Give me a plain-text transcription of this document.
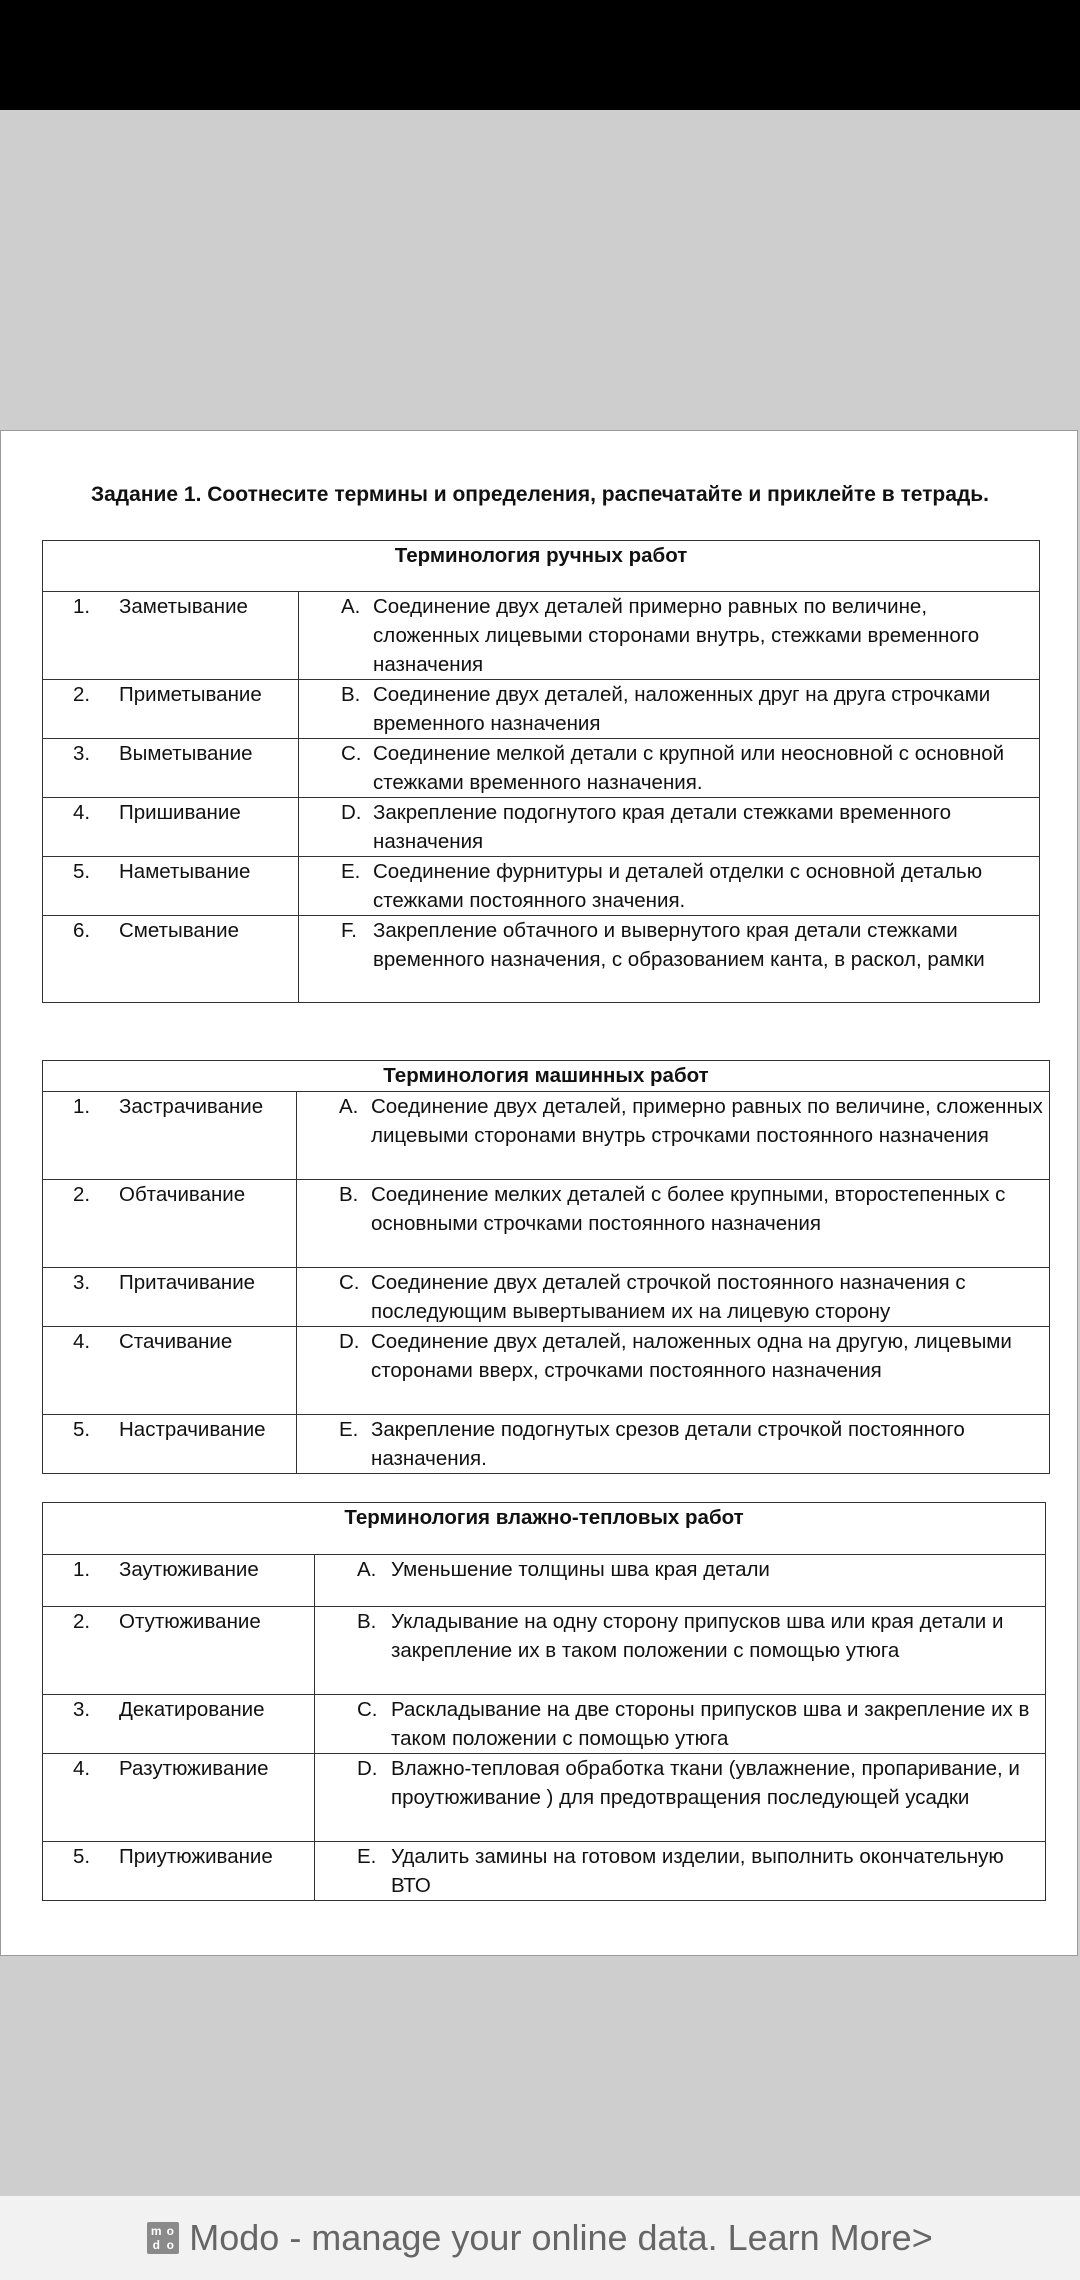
Задание 1. Соотнесите термины и определения, распечатайте и приклейте в тетрадь.
Терминология ручных работ	

1. Заметывание	A. Соединение двух деталей примерно равных по величине, сложенных лицевыми сторонами внутрь, стежками временного назначения

2. Приметывание	B. Соединение двух деталей, наложенных друг на друга строчками временного назначения

3. Выметывание	C. Соединение мелкой детали с крупной или неосновной с основной стежками временного назначения.

4. Пришивание	D. Закрепление подогнутого края детали стежками временного назначения

5. Наметывание	E. Соединение фурнитуры и деталей отделки с основной деталью стежками постоянного значения.

6. Сметывание	F. Закрепление обтачного и вывернутого края детали стежками временного назначения, с образованием канта, в раскол, рамки
Терминология машинных работ	

1. Застрачивание	A. Соединение двух деталей, примерно равных по величине, сложенных лицевыми сторонами внутрь строчками постоянного назначения

2. Обтачивание	B. Соединение мелких деталей с более крупными, второстепенных с основными строчками постоянного назначения

3. Притачивание	C. Соединение двух деталей строчкой постоянного назначения с последующим вывертыванием их на лицевую сторону

4. Стачивание	D. Соединение двух деталей, наложенных одна на другую, лицевыми сторонами вверх, строчками постоянного назначения

5. Настрачивание	E. Закрепление подогнутых срезов детали строчкой постоянного назначения.
Терминология влажно-тепловых работ	

1. Заутюживание	A. Уменьшение толщины шва края детали

2. Отутюживание	B. Укладывание на одну сторону припусков шва или края детали и закрепление их в таком положении с помощью утюга

3. Декатирование	C. Раскладывание на две стороны припусков шва и закрепление их в таком положении с помощью утюга

4. Разутюживание	D. Влажно-тепловая обработка ткани (увлажнение, пропаривание, и проутюживание ) для предотвращения последующей усадки

5. Приутюживание	E. Удалить замины на готовом изделии, выполнить окончательную ВТО
m o
d o Modo - manage your online data. Learn More>
